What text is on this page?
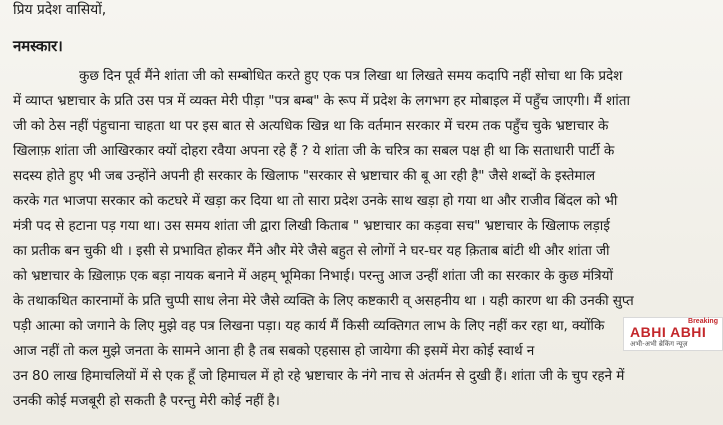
प्रिय प्रदेश वासियों,
नमस्कार।
कुछ दिन पूर्व मैंने शांता जी को सम्बोधित करते हुए एक पत्र लिखा था लिखते समय कदापि नहीं सोचा था कि प्रदेश
में व्याप्त भ्रष्टाचार के प्रति उस पत्र में व्यक्त मेरी पीड़ा "पत्र बम्ब" के रूप में प्रदेश के लगभग हर मोबाइल में पहुँच जाएगी। मैं शांता
जी को ठेस नहीं पंहुचाना चाहता था पर इस बात से अत्यधिक खिन्न था कि वर्तमान सरकार में चरम तक पहुँच चुके भ्रष्टाचार के
खिलाफ़ शांता जी आखिरकार क्यों दोहरा रवैया अपना रहे हैं ? ये शांता जी के चरित्र का सबल पक्ष ही था कि सताधारी पार्टी के
सदस्य होते हुए भी जब उन्होंने अपनी ही सरकार के खिलाफ "सरकार से भ्रष्टाचार की बू आ रही है" जैसे शब्दों के इस्तेमाल
करके गत भाजपा सरकार को कटघरे में खड़ा कर दिया था तो सारा प्रदेश उनके साथ खड़ा हो गया था और राजीव बिंदल को भी
मंत्री पद से हटाना पड़ गया था। उस समय शांता जी द्वारा लिखी किताब " भ्रष्टाचार का कड़वा सच" भ्रष्टाचार के खिलाफ लड़ाई
का प्रतीक बन चुकी थी । इसी से प्रभावित होकर मैंने और मेरे जैसे बहुत से लोगों ने घर-घर यह क़िताब बांटी थी और शांता जी
को भ्रष्टाचार के ख़िलाफ़ एक बड़ा नायक बनाने में अहम् भूमिका निभाई। परन्तु आज उन्हीं शांता जी का सरकार के कुछ मंत्रियों
के तथाकथित कारनामों के प्रति चुप्पी साध लेना मेरे जैसे व्यक्ति के लिए कष्टकारी व् असहनीय था । यही कारण था की उनकी सुप्त
पड़ी आत्मा को जगाने के लिए मुझे वह पत्र लिखना पड़ा। यह कार्य मैं किसी व्यक्तिगत लाभ के लिए नहीं कर रहा था, क्योंकि
आज नहीं तो कल मुझे जनता के सामने आना ही है तब सबको एहसास हो जायेगा की इसमें मेरा कोई स्वार्थ न
उन 80 लाख हिमाचलियों में से एक हूँ जो हिमाचल में हो रहे भ्रष्टाचार के नंगे नाच से अंतर्मन से दुखी हैं। शांता जी के चुप रहने में
उनकी कोई मजबूरी हो सकती है परन्तु मेरी कोई नहीं है।
Breaking
ABHI ABHI
अभी-अभी ब्रेकिंग न्यूज़
